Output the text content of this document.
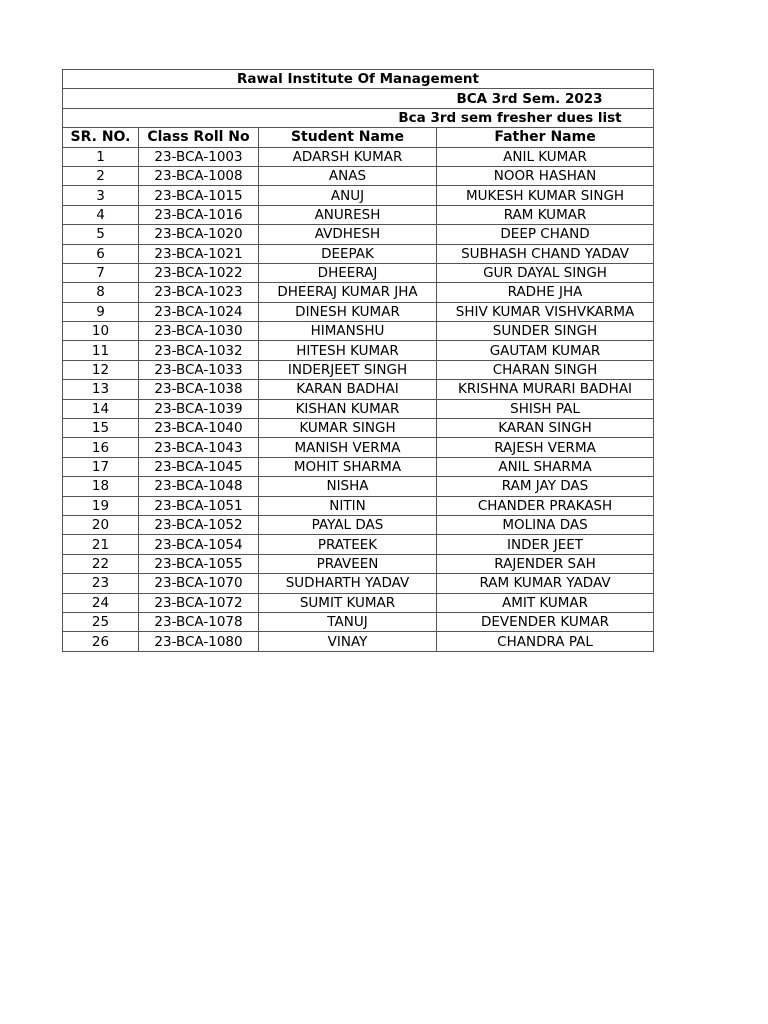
Rawal Institute Of Management			
BCA 3rd Sem. 2023			
Bca 3rd sem fresher dues list			
SR. NO.	Class Roll No	Student Name	Father Name
1	23-BCA-1003	ADARSH KUMAR	ANIL KUMAR
2	23-BCA-1008	ANAS	NOOR HASHAN
3	23-BCA-1015	ANUJ	MUKESH KUMAR SINGH
4	23-BCA-1016	ANURESH	RAM KUMAR
5	23-BCA-1020	AVDHESH	DEEP CHAND
6	23-BCA-1021	DEEPAK	SUBHASH CHAND YADAV
7	23-BCA-1022	DHEERAJ	GUR DAYAL SINGH
8	23-BCA-1023	DHEERAJ KUMAR JHA	RADHE JHA
9	23-BCA-1024	DINESH KUMAR	SHIV KUMAR VISHVKARMA
10	23-BCA-1030	HIMANSHU	SUNDER SINGH
11	23-BCA-1032	HITESH KUMAR	GAUTAM KUMAR
12	23-BCA-1033	INDERJEET SINGH	CHARAN SINGH
13	23-BCA-1038	KARAN BADHAI	KRISHNA MURARI BADHAI
14	23-BCA-1039	KISHAN KUMAR	SHISH PAL
15	23-BCA-1040	KUMAR SINGH	KARAN SINGH
16	23-BCA-1043	MANISH VERMA	RAJESH VERMA
17	23-BCA-1045	MOHIT SHARMA	ANIL SHARMA
18	23-BCA-1048	NISHA	RAM JAY DAS
19	23-BCA-1051	NITIN	CHANDER PRAKASH
20	23-BCA-1052	PAYAL DAS	MOLINA DAS
21	23-BCA-1054	PRATEEK	INDER JEET
22	23-BCA-1055	PRAVEEN	RAJENDER SAH
23	23-BCA-1070	SUDHARTH YADAV	RAM KUMAR YADAV
24	23-BCA-1072	SUMIT KUMAR	AMIT KUMAR
25	23-BCA-1078	TANUJ	DEVENDER KUMAR
26	23-BCA-1080	VINAY	CHANDRA PAL
